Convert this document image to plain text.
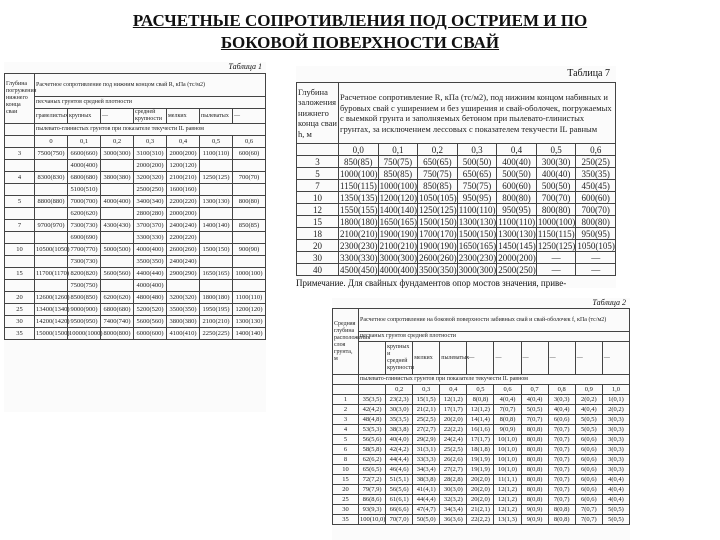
РАСЧЕТНЫЕ СОПРОТИВЛЕНИЯ ПОД ОСТРИЕМ И ПО
БОКОВОЙ ПОВЕРХНОСТИ СВАЙ
Таблица 1
Глубина погружения нижнего конца сваи	Расчетное сопротивление под нижним концом свай R, кПа (тс/м2)						
	песчаных грунтов средней плотности						
	гравелистых	крупных	—	средней крупности	мелких	пылеватых	—
	пылевато-глинистых грунтов при показателе текучести IL равном						
	0	0,1	0,2	0,3	0,4	0,5	0,6
3	7500(750)	6600(660)	3000(300)	3100(310)	2000(200)	1100(110)	600(60)
		4000(400)		2000(200)	1200(120)		
4	8300(830)	6800(680)	3800(380)	3200(320)	2100(210)	1250(125)	700(70)
		5100(510)		2500(250)	1600(160)		
5	8800(880)	7000(700)	4000(400)	3400(340)	2200(220)	1300(130)	800(80)
		6200(620)		2800(280)	2000(200)		
7	9700(970)	7300(730)	4300(430)	3700(370)	2400(240)	1400(140)	850(85)
		6900(690)		3300(330)	2200(220)		
10	10500(1050)	7700(770)	5000(500)	4000(400)	2600(260)	1500(150)	900(90)
		7300(730)		3500(350)	2400(240)		
15	11700(1170)	8200(820)	5600(560)	4400(440)	2900(290)	1650(165)	1000(100)
		7500(750)		4000(400)			
20	12600(1260)	8500(850)	6200(620)	4800(480)	3200(320)	1800(180)	1100(110)
25	13400(1340)	9000(900)	6800(680)	5200(520)	3500(350)	1950(195)	1200(120)
30	14200(1420)	9500(950)	7400(740)	5600(560)	3800(380)	2100(210)	1300(130)
35	15000(1500)	10000(1000)	8000(800)	6000(600)	4100(410)	2250(225)	1400(140)
Таблица 7
Глубина заложения нижнего конца сваи h, м	Расчетное сопротивление R, кПа (тс/м2), под нижним концом набивных и буровых свай с уширением и без уширения и свай-оболочек, погружаемых с выемкой грунта и заполняемых бетоном при пылевато-глинистых грунтах, за исключением лессовых с показателем текучести IL равным						
	0,0	0,1	0,2	0,3	0,4	0,5	0,6
3	850(85)	750(75)	650(65)	500(50)	400(40)	300(30)	250(25)
5	1000(100)	850(85)	750(75)	650(65)	500(50)	400(40)	350(35)
7	1150(115)	1000(100)	850(85)	750(75)	600(60)	500(50)	450(45)
10	1350(135)	1200(120)	1050(105)	950(95)	800(80)	700(70)	600(60)
12	1550(155)	1400(140)	1250(125)	1100(110)	950(95)	800(80)	700(70)
15	1800(180)	1650(165)	1500(150)	1300(130)	1100(110)	1000(100)	800(80)
18	2100(210)	1900(190)	1700(170)	1500(150)	1300(130)	1150(115)	950(95)
20	2300(230)	2100(210)	1900(190)	1650(165)	1450(145)	1250(125)	1050(105)
30	3300(330)	3000(300)	2600(260)	2300(230)	2000(200)	—	—
40	4500(450)	4000(400)	3500(350)	3000(300)	2500(250)	—	—
Примечание. Для свайных фундаментов опор мостов значения, приве-
Таблица 2
Средняя глубина расположения слоя грунта, м	Расчетное сопротивление на боковой поверхности забивных свай и свай-оболочек f, кПа (тс/м2)									
	песчаных грунтов средней плотности									
		крупных и средней крупности	мелких	пылеватых	—	—	—	—	—	—
	пылевато-глинистых грунтов при показателе текучести IL равном									
		0,2	0,3	0,4	0,5	0,6	0,7	0,8	0,9	1,0
1	35(3,5)	23(2,3)	15(1,5)	12(1,2)	8(0,8)	4(0,4)	4(0,4)	3(0,3)	2(0,2)	1(0,1)
2	42(4,2)	30(3,0)	21(2,1)	17(1,7)	12(1,2)	7(0,7)	5(0,5)	4(0,4)	4(0,4)	2(0,2)
3	48(4,8)	35(3,5)	25(2,5)	20(2,0)	14(1,4)	8(0,8)	7(0,7)	6(0,6)	5(0,5)	3(0,3)
4	53(5,3)	38(3,8)	27(2,7)	22(2,2)	16(1,6)	9(0,9)	8(0,8)	7(0,7)	5(0,5)	3(0,3)
5	56(5,6)	40(4,0)	29(2,9)	24(2,4)	17(1,7)	10(1,0)	8(0,8)	7(0,7)	6(0,6)	3(0,3)
6	58(5,8)	42(4,2)	31(3,1)	25(2,5)	18(1,8)	10(1,0)	8(0,8)	7(0,7)	6(0,6)	3(0,3)
8	62(6,2)	44(4,4)	33(3,3)	26(2,6)	19(1,9)	10(1,0)	8(0,8)	7(0,7)	6(0,6)	3(0,3)
10	65(6,5)	46(4,6)	34(3,4)	27(2,7)	19(1,9)	10(1,0)	8(0,8)	7(0,7)	6(0,6)	3(0,3)
15	72(7,2)	51(5,1)	38(3,8)	28(2,8)	20(2,0)	11(1,1)	8(0,8)	7(0,7)	6(0,6)	4(0,4)
20	79(7,9)	56(5,6)	41(4,1)	30(3,0)	20(2,0)	12(1,2)	8(0,8)	7(0,7)	6(0,6)	4(0,4)
25	86(8,6)	61(6,1)	44(4,4)	32(3,2)	20(2,0)	12(1,2)	8(0,8)	7(0,7)	6(0,6)	4(0,4)
30	93(9,3)	66(6,6)	47(4,7)	34(3,4)	21(2,1)	12(1,2)	9(0,9)	8(0,8)	7(0,7)	5(0,5)
35	100(10,0)	70(7,0)	50(5,0)	36(3,6)	22(2,2)	13(1,3)	9(0,9)	8(0,8)	7(0,7)	5(0,5)
